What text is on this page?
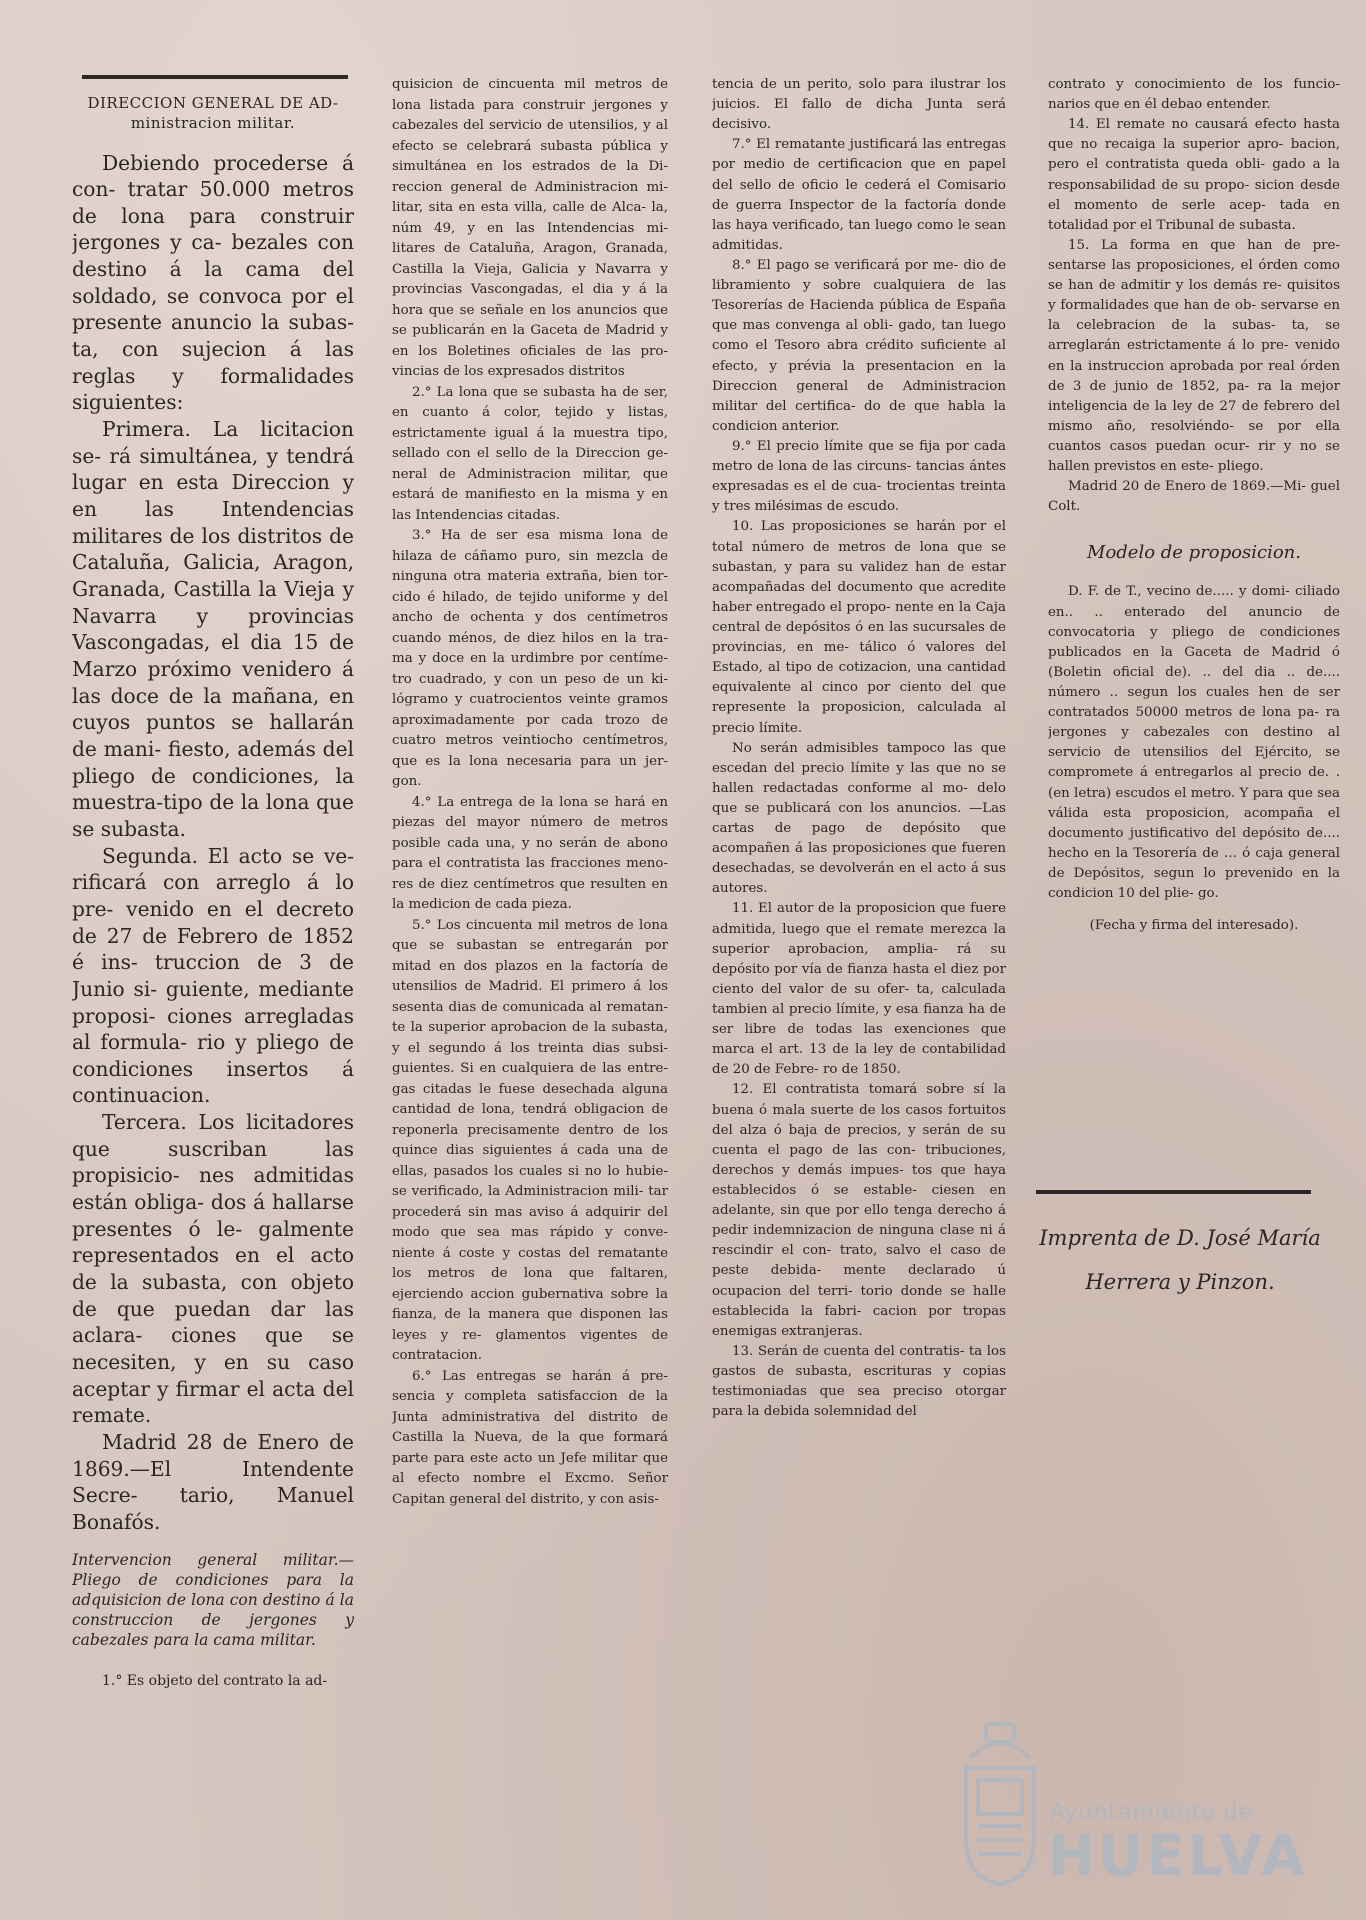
DIRECCION GENERAL DE AD- ministracion militar.

Debiendo procederse á con- tratar 50.000 metros de lona para construir jergones y ca- bezales con destino á la cama del soldado, se convoca por el presente anuncio la subas- ta, con sujecion á las reglas y formalidades siguientes:

Primera. La licitacion se- rá simultánea, y tendrá lugar en esta Direccion y en las Intendencias militares de los distritos de Cataluña, Galicia, Aragon, Granada, Castilla la Vieja y Navarra y provincias Vascongadas, el dia 15 de Marzo próximo venidero á las doce de la mañana, en cuyos puntos se hallarán de mani- fiesto, además del pliego de condiciones, la muestra-tipo de la lona que se subasta.

Segunda. El acto se ve- rificará con arreglo á lo pre- venido en el decreto de 27 de Febrero de 1852 é ins- truccion de 3 de Junio si- guiente, mediante proposi- ciones arregladas al formula- rio y pliego de condiciones insertos á continuacion.

Tercera. Los licitadores que suscriban las propisicio- nes admitidas están obliga- dos á hallarse presentes ó le- galmente representados en el acto de la subasta, con objeto de que puedan dar las aclara- ciones que se necesiten, y en su caso aceptar y firmar el acta del remate.

Madrid 28 de Enero de 1869.—El Intendente Secre- tario, Manuel Bonafós.

Intervencion general militar.— Pliego de condiciones para la adquisicion de lona con destino á la construccion de jergones y cabezales para la cama militar.

1.° Es objeto del contrato la ad-

quisicion de cincuenta mil metros de lona listada para construir jergones y cabezales del servicio de utensilios, y al efecto se celebrará subasta pública y simultánea en los estrados de la Di- reccion general de Administracion mi- litar, sita en esta villa, calle de Alca- la, núm 49, y en las Intendencias mi- litares de Cataluña, Aragon, Granada, Castilla la Vieja, Galicia y Navarra y provincias Vascongadas, el dia y á la hora que se señale en los anuncios que se publicarán en la Gaceta de Madrid y en los Boletines oficiales de las pro- vincias de los expresados distritos

2.° La lona que se subasta ha de ser, en cuanto á color, tejido y listas, estrictamente igual á la muestra tipo, sellado con el sello de la Direccion ge- neral de Administracion militar, que estará de manifiesto en la misma y en las Intendencias citadas.

3.° Ha de ser esa misma lona de hilaza de cáñamo puro, sin mezcla de ninguna otra materia extraña, bien tor- cido é hilado, de tejido uniforme y del ancho de ochenta y dos centímetros cuando ménos, de diez hilos en la tra- ma y doce en la urdimbre por centíme- tro cuadrado, y con un peso de un ki- lógramo y cuatrocientos veinte gramos aproximadamente por cada trozo de cuatro metros veintiocho centímetros, que es la lona necesaria para un jer- gon.

4.° La entrega de la lona se hará en piezas del mayor número de metros posible cada una, y no serán de abono para el contratista las fracciones meno- res de diez centímetros que resulten en la medicion de cada pieza.

5.° Los cincuenta mil metros de lona que se subastan se entregarán por mitad en dos plazos en la factoría de utensilios de Madrid. El primero á los sesenta dias de comunicada al rematan- te la superior aprobacion de la subasta, y el segundo á los treinta dias subsi- guientes. Si en cualquiera de las entre- gas citadas le fuese desechada alguna cantidad de lona, tendrá obligacion de reponerla precisamente dentro de los quince dias siguientes á cada una de ellas, pasados los cuales si no lo hubie- se verificado, la Administracion mili- tar procederá sin mas aviso á adquirir del modo que sea mas rápido y conve- niente á coste y costas del rematante los metros de lona que faltaren, ejerciendo accion gubernativa sobre la fianza, de la manera que disponen las leyes y re- glamentos vigentes de contratacion.

6.° Las entregas se harán á pre- sencia y completa satisfaccion de la Junta administrativa del distrito de Castilla la Nueva, de la que formará parte para este acto un Jefe militar que al efecto nombre el Excmo. Señor Capitan general del distrito, y con asis-

tencia de un perito, solo para ilustrar los juicios. El fallo de dicha Junta será decisivo.

7.° El rematante justificará las entregas por medio de certificacion que en papel del sello de oficio le cederá el Comisario de guerra Inspector de la factoría donde las haya verificado, tan luego como le sean admitidas.

8.° El pago se verificará por me- dio de libramiento y sobre cualquiera de las Tesorerías de Hacienda pública de España que mas convenga al obli- gado, tan luego como el Tesoro abra crédito suficiente al efecto, y prévia la presentacion en la Direccion general de Administracion militar del certifica- do de que habla la condicion anterior.

9.° El precio límite que se fija por cada metro de lona de las circuns- tancias ántes expresadas es el de cua- trocientas treinta y tres milésimas de escudo.

10. Las proposiciones se harán por el total número de metros de lona que se subastan, y para su validez han de estar acompañadas del documento que acredite haber entregado el propo- nente en la Caja central de depósitos ó en las sucursales de provincias, en me- tálico ó valores del Estado, al tipo de cotizacion, una cantidad equivalente al cinco por ciento del que represente la proposicion, calculada al precio límite.

No serán admisibles tampoco las que escedan del precio límite y las que no se hallen redactadas conforme al mo- delo que se publicará con los anuncios. —Las cartas de pago de depósito que acompañen á las proposiciones que fueren desechadas, se devolverán en el acto á sus autores.

11. El autor de la proposicion que fuere admitida, luego que el remate merezca la superior aprobacion, amplia- rá su depósito por vía de fianza hasta el diez por ciento del valor de su ofer- ta, calculada tambien al precio límite, y esa fianza ha de ser libre de todas las exenciones que marca el art. 13 de la ley de contabilidad de 20 de Febre- ro de 1850.

12. El contratista tomará sobre sí la buena ó mala suerte de los casos fortuitos del alza ó baja de precios, y serán de su cuenta el pago de las con- tribuciones, derechos y demás impues- tos que haya establecidos ó se estable- ciesen en adelante, sin que por ello tenga derecho á pedir indemnizacion de ninguna clase ni á rescindir el con- trato, salvo el caso de peste debida- mente declarado ú ocupacion del terri- torio donde se halle establecida la fabri- cacion por tropas enemigas extranjeras.

13. Serán de cuenta del contratis- ta los gastos de subasta, escrituras y copias testimoniadas que sea preciso otorgar para la debida solemnidad del

contrato y conocimiento de los funcio- narios que en él debao entender.

14. El remate no causará efecto hasta que no recaiga la superior apro- bacion, pero el contratista queda obli- gado a la responsabilidad de su propo- sicion desde el momento de serle acep- tada en totalidad por el Tribunal de subasta.

15. La forma en que han de pre- sentarse las proposiciones, el órden como se han de admitir y los demás re- quisitos y formalidades que han de ob- servarse en la celebracion de la subas- ta, se arreglarán estrictamente á lo pre- venido en la instruccion aprobada por real órden de 3 de junio de 1852, pa- ra la mejor inteligencia de la ley de 27 de febrero del mismo año, resolviéndo- se por ella cuantos casos puedan ocur- rir y no se hallen previstos en este- pliego.

Madrid 20 de Enero de 1869.—Mi- guel Colt.

Modelo de proposicion.

D. F. de T., vecino de..... y domi- ciliado en.. .. enterado del anuncio de convocatoria y pliego de condiciones publicados en la Gaceta de Madrid ó (Boletin oficial de). .. del dia .. de.... número .. segun los cuales hen de ser contratados 50000 metros de lona pa- ra jergones y cabezales con destino al servicio de utensilios del Ejército, se compromete á entregarlos al precio de. . (en letra) escudos el metro. Y para que sea válida esta proposicion, acompaña el documento justificativo del depósito de.... hecho en la Tesorería de ... ó caja general de Depósitos, segun lo prevenido en la condicion 10 del plie- go.

(Fecha y firma del interesado).

Imprenta de D. José María
Herrera y Pinzon.
Ayuntamiento de
HUELVA
